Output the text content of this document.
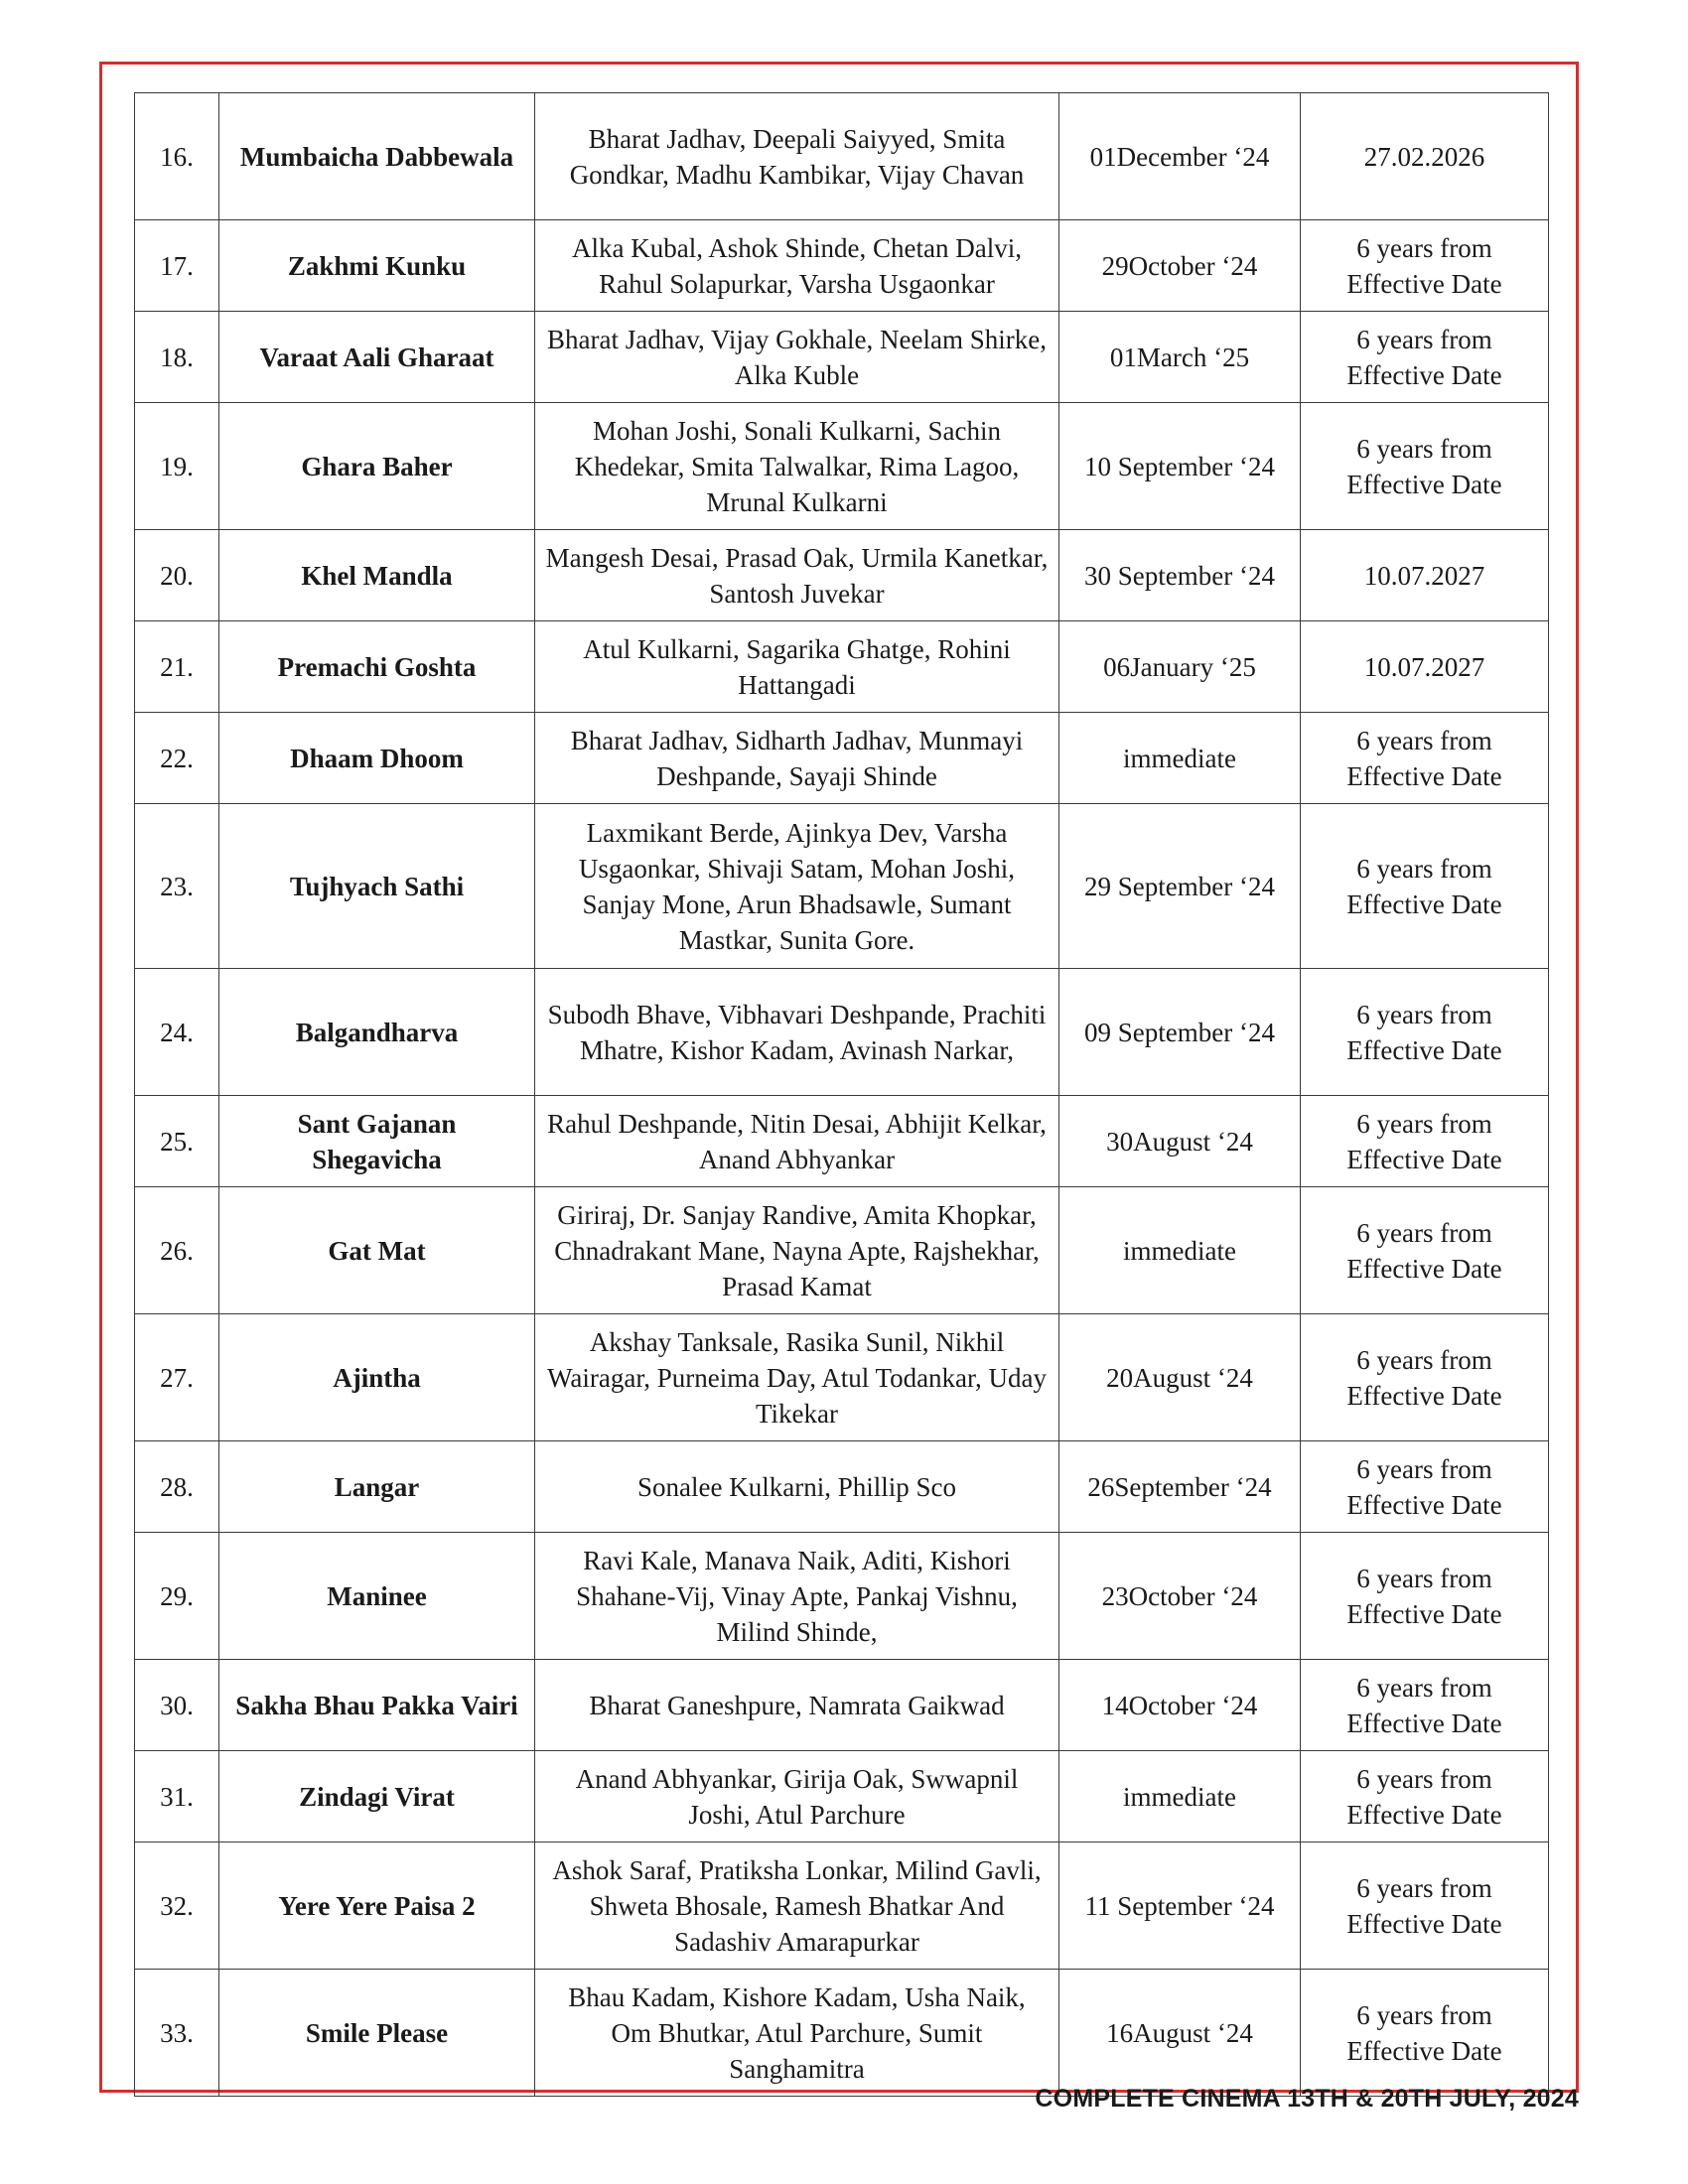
16.	Mumbaicha Dabbewala	Bharat Jadhav, Deepali Saiyyed, Smita Gondkar, Madhu Kambikar, Vijay Chavan	01December ‘24	27.02.2026
17.	Zakhmi Kunku	Alka Kubal, Ashok Shinde, Chetan Dalvi, Rahul Solapurkar, Varsha Usgaonkar	29October ‘24	6 years from Effective Date
18.	Varaat Aali Gharaat	Bharat Jadhav, Vijay Gokhale, Neelam Shirke, Alka Kuble	01March ‘25	6 years from Effective Date
19.	Ghara Baher	Mohan Joshi, Sonali Kulkarni, Sachin Khedekar, Smita Talwalkar, Rima Lagoo, Mrunal Kulkarni	10 September ‘24	6 years from Effective Date
20.	Khel Mandla	Mangesh Desai, Prasad Oak, Urmila Kanetkar, Santosh Juvekar	30 September ‘24	10.07.2027
21.	Premachi Goshta	Atul Kulkarni, Sagarika Ghatge, Rohini Hattangadi	06January ‘25	10.07.2027
22.	Dhaam Dhoom	Bharat Jadhav, Sidharth Jadhav, Munmayi Deshpande, Sayaji Shinde	immediate	6 years from Effective Date
23.	Tujhyach Sathi	Laxmikant Berde, Ajinkya Dev, Varsha Usgaonkar, Shivaji Satam, Mohan Joshi, Sanjay Mone, Arun Bhadsawle, Sumant Mastkar, Sunita Gore.	29 September ‘24	6 years from Effective Date
24.	Balgandharva	Subodh Bhave, Vibhavari Deshpande, Prachiti Mhatre, Kishor Kadam, Avinash Narkar,	09 September ‘24	6 years from Effective Date
25.	Sant Gajanan Shegavicha	Rahul Deshpande, Nitin Desai, Abhijit Kelkar, Anand Abhyankar	30August ‘24	6 years from Effective Date
26.	Gat Mat	Giriraj, Dr. Sanjay Randive, Amita Khopkar, Chnadrakant Mane, Nayna Apte, Rajshekhar, Prasad Kamat	immediate	6 years from Effective Date
27.	Ajintha	Akshay Tanksale, Rasika Sunil, Nikhil Wairagar, Purneima Day, Atul Todankar, Uday Tikekar	20August ‘24	6 years from Effective Date
28.	Langar	Sonalee Kulkarni, Phillip Sco	26September ‘24	6 years from Effective Date
29.	Maninee	Ravi Kale, Manava Naik, Aditi, Kishori Shahane-Vij, Vinay Apte, Pankaj Vishnu, Milind Shinde,	23October ‘24	6 years from Effective Date
30.	Sakha Bhau Pakka Vairi	Bharat Ganeshpure, Namrata Gaikwad	14October ‘24	6 years from Effective Date
31.	Zindagi Virat	Anand Abhyankar, Girija Oak, Swwapnil Joshi, Atul Parchure	immediate	6 years from Effective Date
32.	Yere Yere Paisa 2	Ashok Saraf, Pratiksha Lonkar, Milind Gavli, Shweta Bhosale, Ramesh Bhatkar And Sadashiv Amarapurkar	11 September ‘24	6 years from Effective Date
33.	Smile Please	Bhau Kadam, Kishore Kadam, Usha Naik, Om Bhutkar, Atul Parchure, Sumit Sanghamitra	16August ‘24	6 years from Effective Date
COMPLETE CINEMA 13TH & 20TH JULY, 2024
